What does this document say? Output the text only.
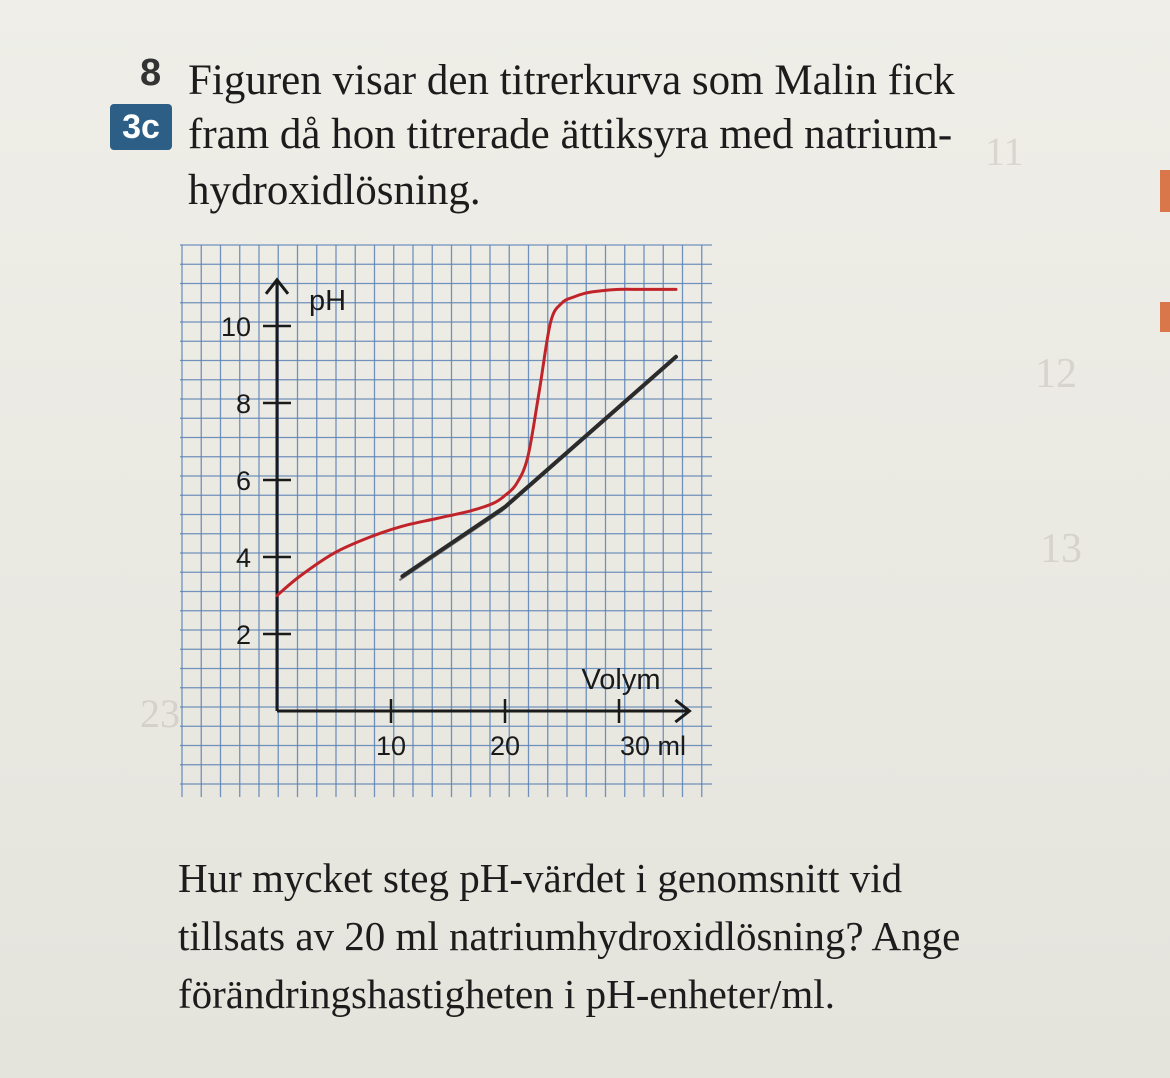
11
12
13
23
8
3c
Figuren visar den titrerkurva som Malin fick
fram då hon titrerade ättiksyra med natrium-
hydroxidlösning.
2
4
6
8
10
10	20	30 ml
pH
Volym
Hur mycket steg pH-värdet i genomsnitt vid
tillsats av 20 ml natriumhydroxidlösning? Ange
förändringshastigheten i pH-enheter/ml.
